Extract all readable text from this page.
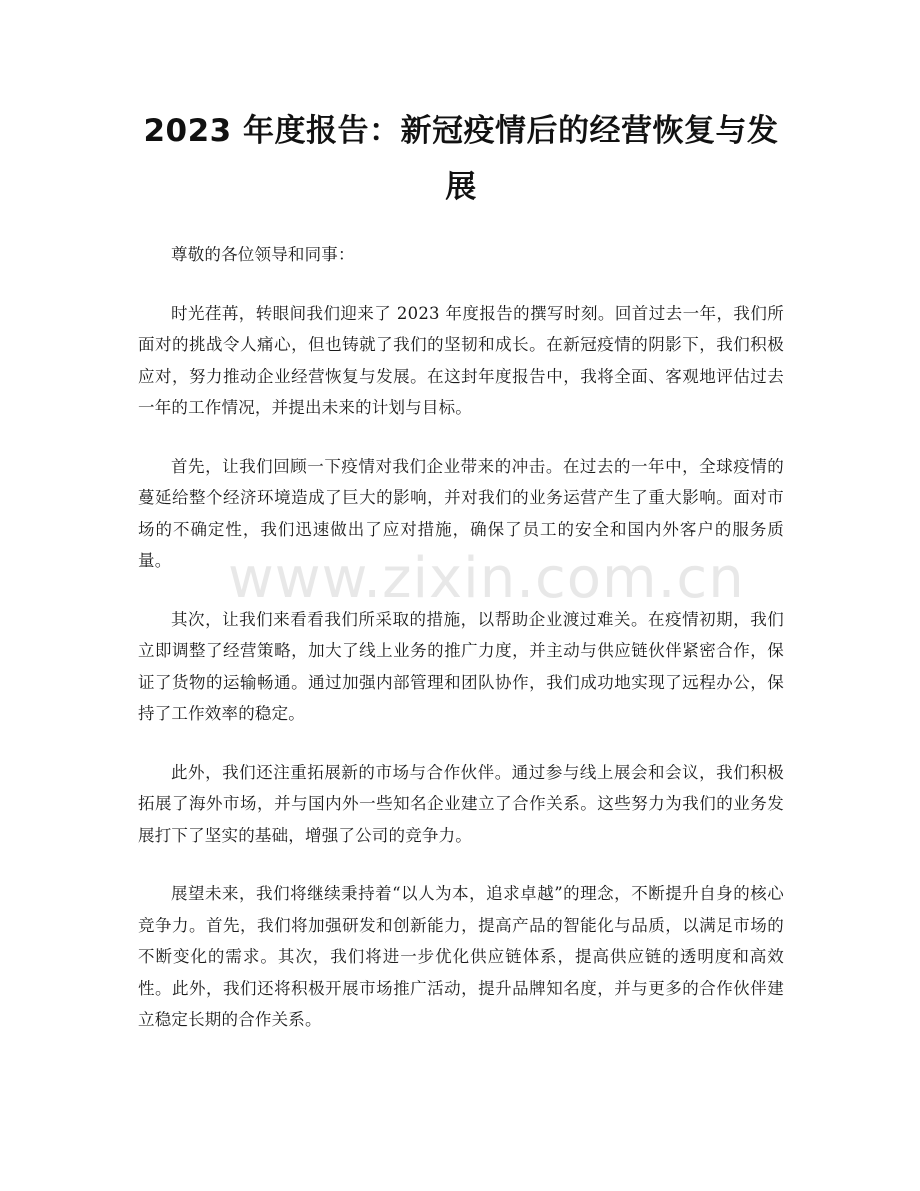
2023 年度报告：新冠疫情后的经营恢复与发展

尊敬的各位领导和同事：

时光荏苒，转眼间我们迎来了 2023 年度报告的撰写时刻。回首过去一年，我们所面对的挑战令人痛心，但也铸就了我们的坚韧和成长。在新冠疫情的阴影下，我们积极应对，努力推动企业经营恢复与发展。在这封年度报告中，我将全面、客观地评估过去一年的工作情况，并提出未来的计划与目标。

首先，让我们回顾一下疫情对我们企业带来的冲击。在过去的一年中，全球疫情的蔓延给整个经济环境造成了巨大的影响，并对我们的业务运营产生了重大影响。面对市场的不确定性，我们迅速做出了应对措施，确保了员工的安全和国内外客户的服务质量。

其次，让我们来看看我们所采取的措施，以帮助企业渡过难关。在疫情初期，我们立即调整了经营策略，加大了线上业务的推广力度，并主动与供应链伙伴紧密合作，保证了货物的运输畅通。通过加强内部管理和团队协作，我们成功地实现了远程办公，保持了工作效率的稳定。

此外，我们还注重拓展新的市场与合作伙伴。通过参与线上展会和会议，我们积极拓展了海外市场，并与国内外一些知名企业建立了合作关系。这些努力为我们的业务发展打下了坚实的基础，增强了公司的竞争力。

展望未来，我们将继续秉持着“以人为本，追求卓越”的理念，不断提升自身的核心竞争力。首先，我们将加强研发和创新能力，提高产品的智能化与品质，以满足市场的不断变化的需求。其次，我们将进一步优化供应链体系，提高供应链的透明度和高效性。此外，我们还将积极开展市场推广活动，提升品牌知名度，并与更多的合作伙伴建立稳定长期的合作关系。

www.zixin.com.cn
